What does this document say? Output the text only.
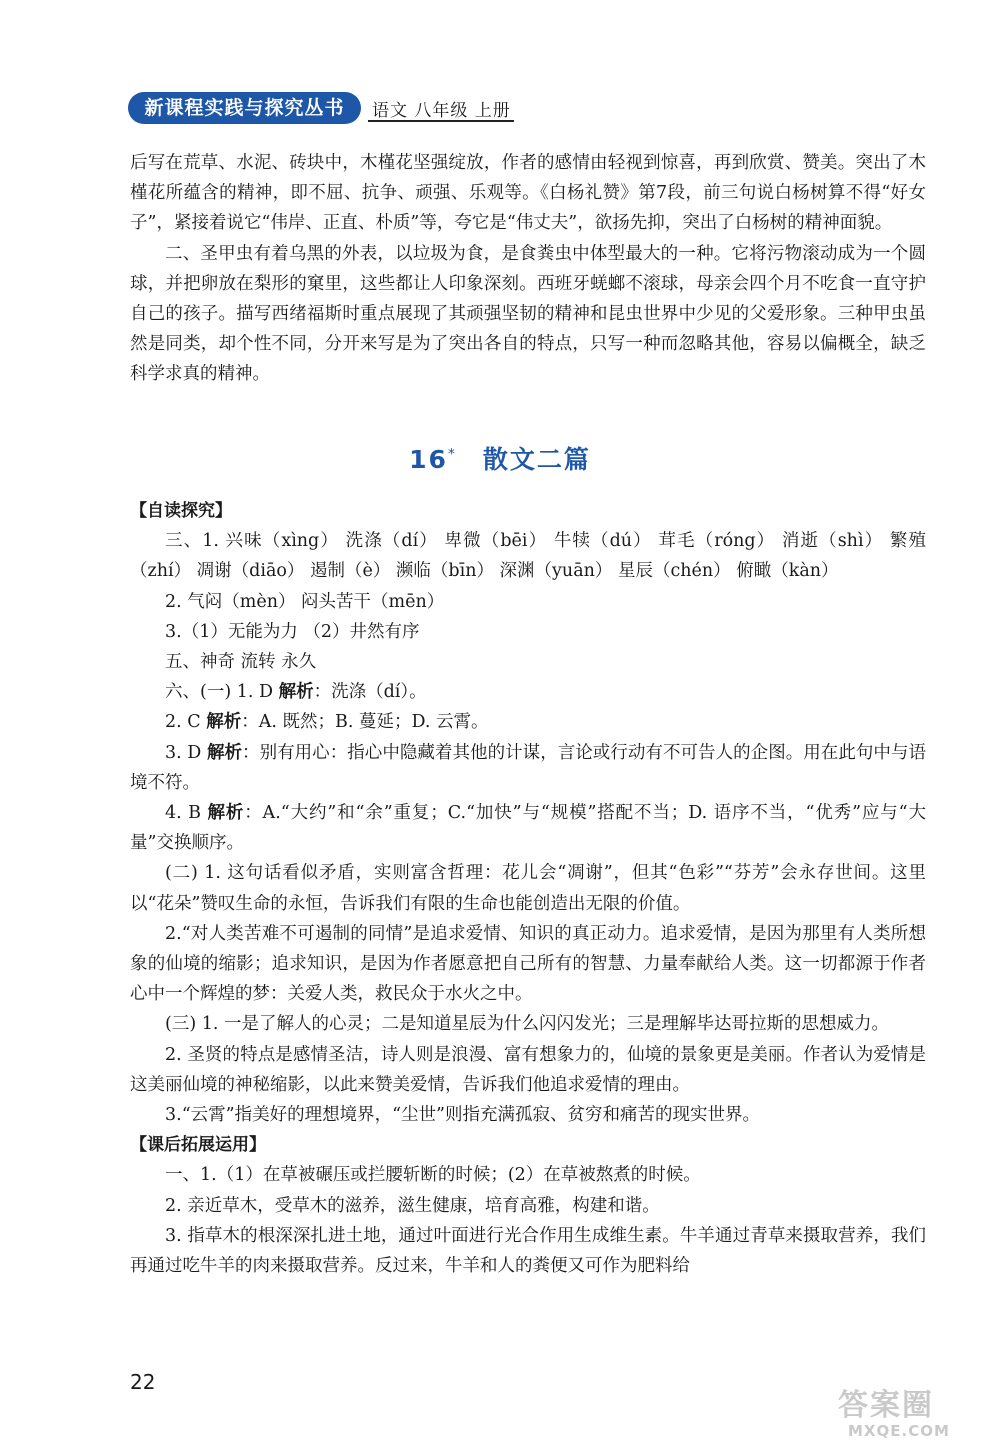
新课程实践与探究丛书	语文 八年级 上册

后写在荒草、水泥、砖块中，木槿花坚强绽放，作者的感情由轻视到惊喜，再到欣赏、赞美。突出了木槿花所蕴含的精神，即不屈、抗争、顽强、乐观等。《白杨礼赞》第7段，前三句说白杨树算不得“好女子”，紧接着说它“伟岸、正直、朴质”等，夸它是“伟丈夫”，欲扬先抑，突出了白杨树的精神面貌。

二、圣甲虫有着乌黑的外表，以垃圾为食，是食粪虫中体型最大的一种。它将污物滚动成为一个圆球，并把卵放在梨形的窠里，这些都让人印象深刻。西班牙蜣螂不滚球，母亲会四个月不吃食一直守护自己的孩子。描写西绪福斯时重点展现了其顽强坚韧的精神和昆虫世界中少见的父爱形象。三种甲虫虽然是同类，却个性不同，分开来写是为了突出各自的特点，只写一种而忽略其他，容易以偏概全，缺乏科学求真的精神。

16* 散文二篇

【自读探究】

三、1. 兴味（xìng） 洗涤（dí） 卑微（bēi） 牛犊（dú） 茸毛（róng） 消逝（shì） 繁殖（zhí） 凋谢（diāo） 遏制（è） 濒临（bīn） 深渊（yuān） 星辰（chén） 俯瞰（kàn）

2. 气闷（mèn） 闷头苦干（mēn）

3.（1）无能为力 （2）井然有序

五、神奇 流转 永久

六、(一) 1. D 解析：洗涤（dí）。

2. C 解析：A. 既然；B. 蔓延；D. 云霄。

3. D 解析：别有用心：指心中隐藏着其他的计谋，言论或行动有不可告人的企图。用在此句中与语境不符。

4. B 解析：A.“大约”和“余”重复；C.“加快”与“规模”搭配不当；D. 语序不当，“优秀”应与“大量”交换顺序。

(二) 1. 这句话看似矛盾，实则富含哲理：花儿会“凋谢”，但其“色彩”“芬芳”会永存世间。这里以“花朵”赞叹生命的永恒，告诉我们有限的生命也能创造出无限的价值。

2.“对人类苦难不可遏制的同情”是追求爱情、知识的真正动力。追求爱情，是因为那里有人类所想象的仙境的缩影；追求知识，是因为作者愿意把自己所有的智慧、力量奉献给人类。这一切都源于作者心中一个辉煌的梦：关爱人类，救民众于水火之中。

(三) 1. 一是了解人的心灵；二是知道星辰为什么闪闪发光；三是理解毕达哥拉斯的思想威力。

2. 圣贤的特点是感情圣洁，诗人则是浪漫、富有想象力的，仙境的景象更是美丽。作者认为爱情是这美丽仙境的神秘缩影，以此来赞美爱情，告诉我们他追求爱情的理由。

3.“云霄”指美好的理想境界，“尘世”则指充满孤寂、贫穷和痛苦的现实世界。

【课后拓展运用】

一、1.（1）在草被碾压或拦腰斩断的时候；(2）在草被熬煮的时候。

2. 亲近草木，受草木的滋养，滋生健康，培育高雅，构建和谐。

3. 指草木的根深深扎进土地，通过叶面进行光合作用生成维生素。牛羊通过青草来摄取营养，我们再通过吃牛羊的肉来摄取营养。反过来，牛羊和人的粪便又可作为肥料给

22
答案圈
MXQE.COM
